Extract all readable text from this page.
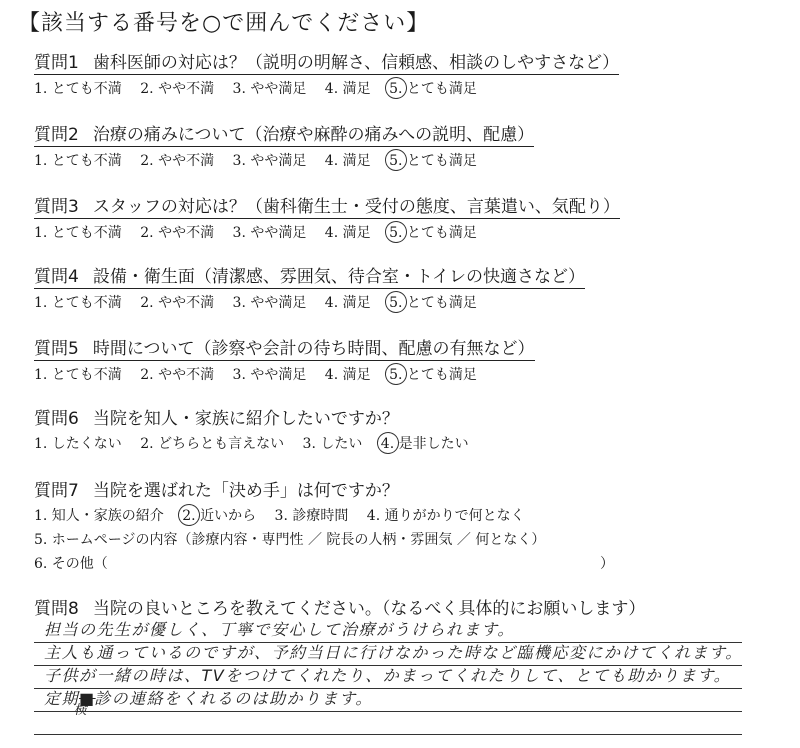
【該当する番号を○で囲んでください】
質問1 歯科医師の対応は？（説明の明解さ、信頼感、相談のしやすさなど）
1. とても不満 2. やや不満 3. やや満足 4. 満足 5. とても満足
質問2 治療の痛みについて（治療や麻酔の痛みへの説明、配慮）
1. とても不満 2. やや不満 3. やや満足 4. 満足 5. とても満足
質問3 スタッフの対応は？（歯科衛生士・受付の態度、言葉遣い、気配り）
1. とても不満 2. やや不満 3. やや満足 4. 満足 5. とても満足
質問4 設備・衛生面（清潔感、雰囲気、待合室・トイレの快適さなど）
1. とても不満 2. やや不満 3. やや満足 4. 満足 5. とても満足
質問5 時間について（診察や会計の待ち時間、配慮の有無など）
1. とても不満 2. やや不満 3. やや満足 4. 満足 5. とても満足
質問6 当院を知人・家族に紹介したいですか？
1. したくない 2. どちらとも言えない 3. したい 4. 是非したい
質問7 当院を選ばれた「決め手」は何ですか？
1. 知人・家族の紹介 2. 近いから 3. 診療時間 4. 通りがかりで何となく
5. ホームページの内容（診療内容・専門性 ／ 院長の人柄・雰囲気 ／ 何となく）
6. その他（	）
質問8 当院の良いところを教えてください。（なるべく具体的にお願いします）
担当の先生が優しく、丁寧で安心して治療がうけられます。
主人も通っているのですが、予約当日に行けなかった時など臨機応変にかけてくれます。
子供が一緒の時は、TVをつけてくれたり、かまってくれたりして、とても助かります。
定期$■_検$診の連絡をくれるのは助かります。
